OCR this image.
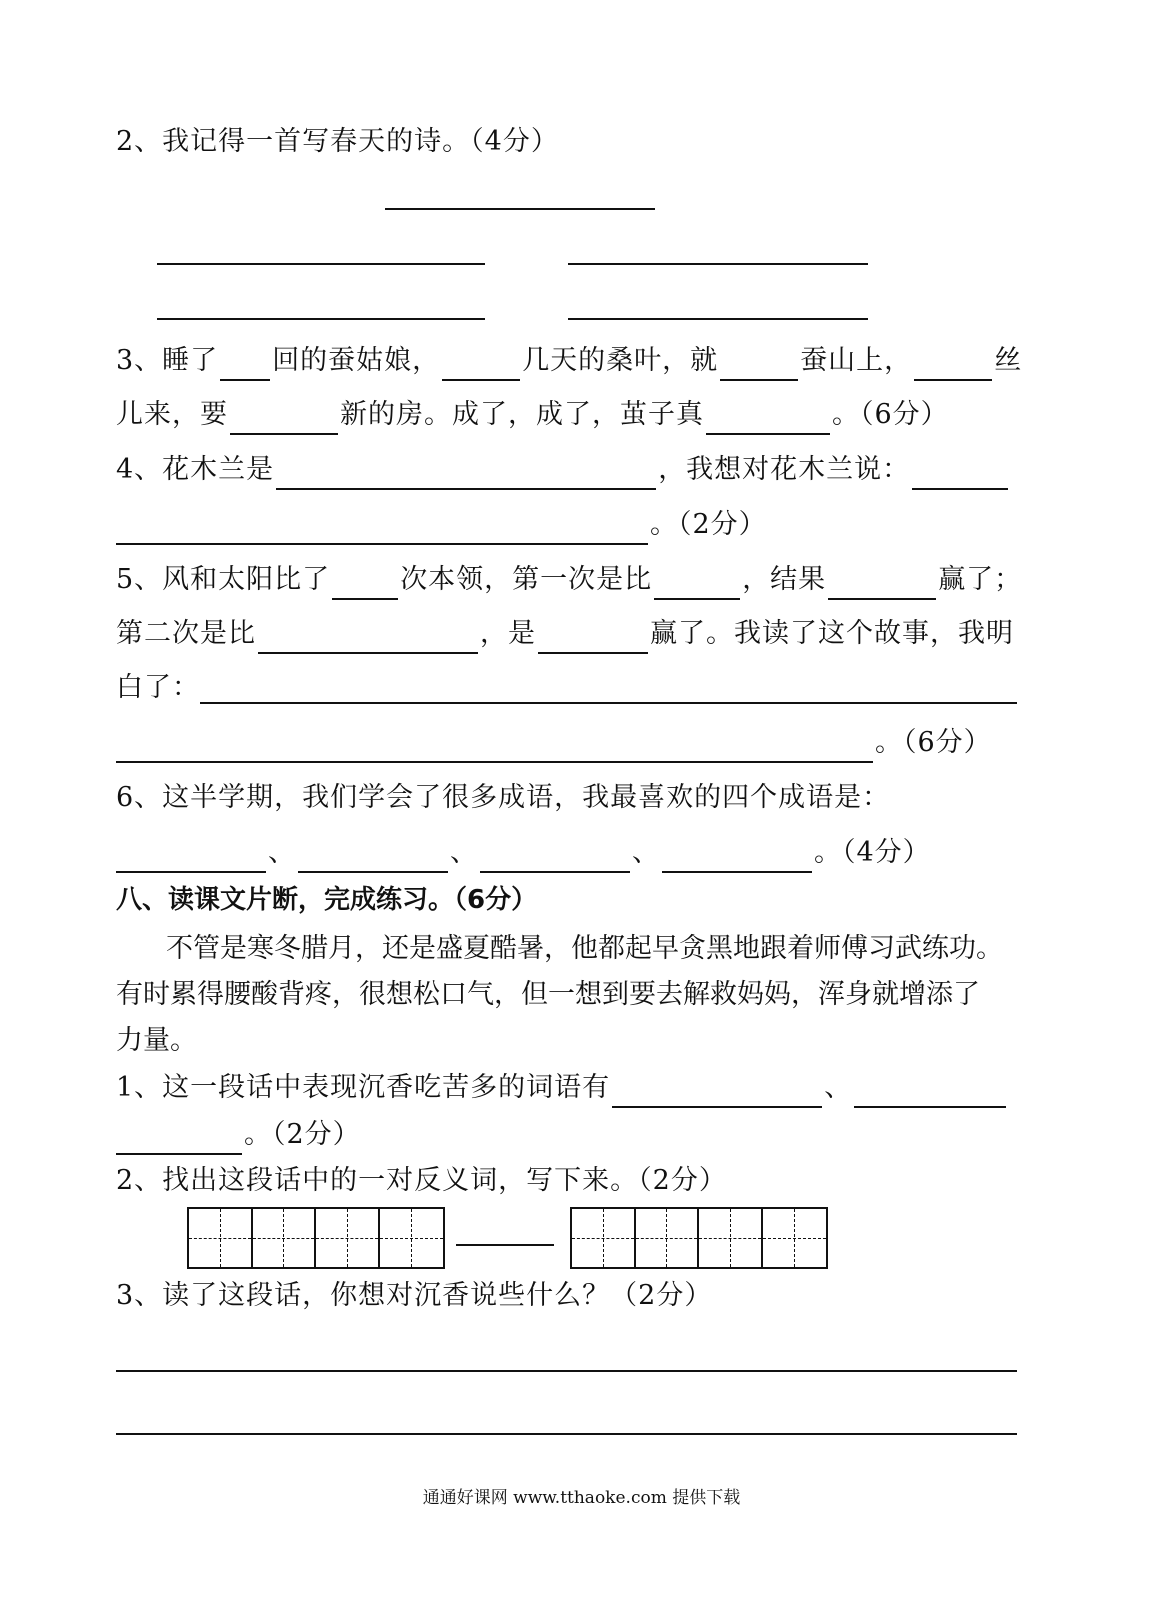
2、我记得一首写春天的诗。（4分）
3、睡了 回的蚕姑娘，	几天的桑叶，就	蚕山上，	丝
儿来，要	新的房。成了，成了，茧子真	。（6分）
4、花木兰是	，我想对花木兰说：
。（2分）
5、风和太阳比了	次本领，第一次是比	，结果	赢了；
第二次是比	，是	赢了。我读了这个故事，我明
白了：
。（6分）
6、这半学期，我们学会了很多成语，我最喜欢的四个成语是：
、	、	、	。（4分）
八、读课文片断，完成练习。（6分）
不管是寒冬腊月，还是盛夏酷暑，他都起早贪黑地跟着师傅习武练功。
有时累得腰酸背疼，很想松口气，但一想到要去解救妈妈，浑身就增添了
力量。
1、这一段话中表现沉香吃苦多的词语有	、
。（2分）
2、找出这段话中的一对反义词，写下来。（2分）
3、读了这段话，你想对沉香说些什么？（2分）
通通好课网 www.tthaoke.com 提供下载
